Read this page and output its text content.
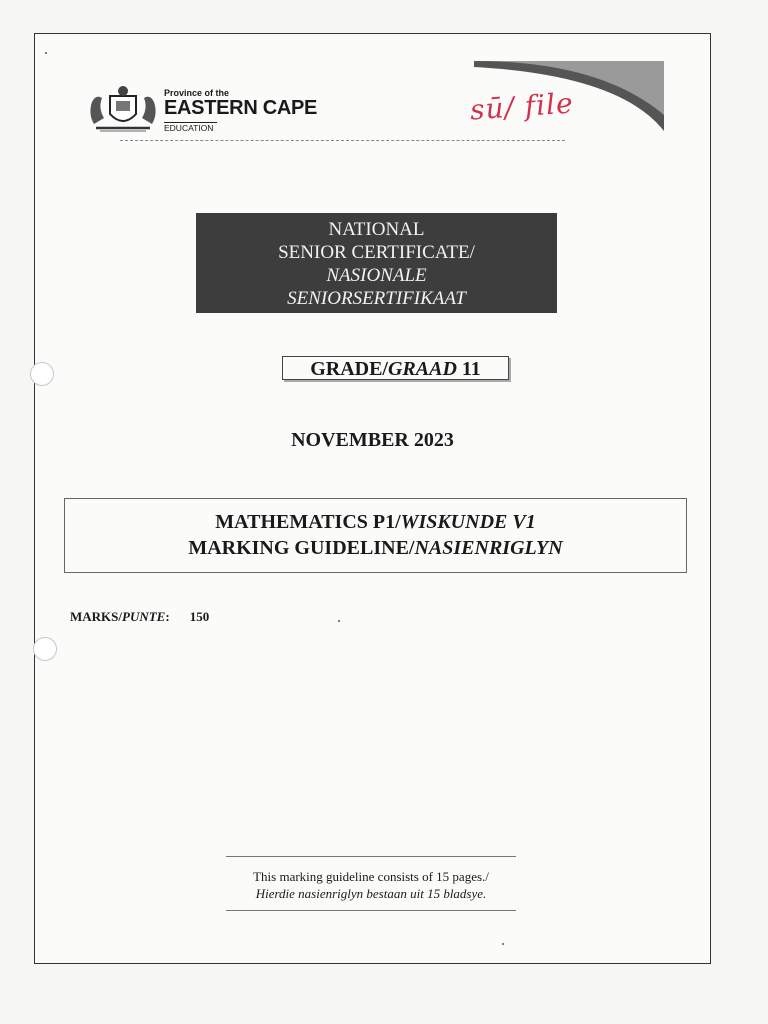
Province of the
EASTERN CAPE
EDUCATION
sū/ file
NATIONAL
SENIOR CERTIFICATE/
NASIONALE
SENIORSERTIFIKAAT
GRADE/GRAAD 11
NOVEMBER 2023
MATHEMATICS P1/WISKUNDE V1
MARKING GUIDELINE/NASIENRIGLYN
MARKS/PUNTE: 150
This marking guideline consists of 15 pages./
Hierdie nasienriglyn bestaan uit 15 bladsye.
